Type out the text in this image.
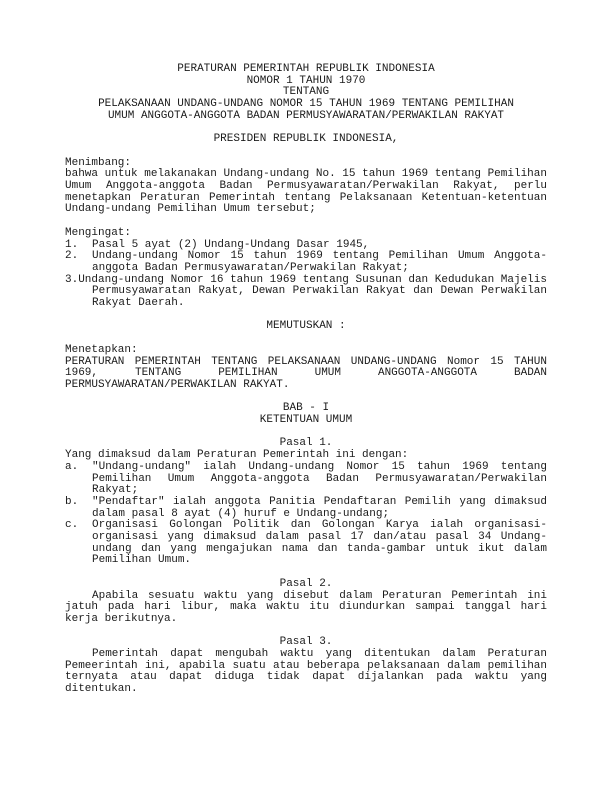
PERATURAN PEMERINTAH REPUBLIK INDONESIA
NOMOR 1 TAHUN 1970
TENTANG
PELAKSANAAN UNDANG-UNDANG NOMOR 15 TAHUN 1969 TENTANG PEMILIHAN
UMUM ANGGOTA-ANGGOTA BADAN PERMUSYAWARATAN/PERWAKILAN RAKYAT
PRESIDEN REPUBLIK INDONESIA,
Menimbang:

bahwa untuk melakanakan Undang-undang No. 15 tahun 1969 tentang Pemilihan Umum Anggota-anggota Badan Permusyawaratan/Perwakilan Rakyat, perlu menetapkan Peraturan Pemerintah tentang Pelaksanaan Ketentuan-ketentuan Undang-undang Pemilihan Umum tersebut;

Mengingat:
1.	Pasal 5 ayat (2) Undang-Undang Dasar 1945,
2.	Undang-undang Nomor 15 tahun 1969 tentang Pemilihan Umum Anggota-anggota Badan Permusyawaratan/Perwakilan Rakyat;

3.Undang-undang Nomor 16 tahun 1969 tentang Susunan dan Kedudukan Majelis Permusyawaratan Rakyat, Dewan Perwakilan Rakyat dan Dewan Perwakilan Rakyat Daerah.

MEMUTUSKAN :
Menetapkan:

PERATURAN PEMERINTAH TENTANG PELAKSANAAN UNDANG-UNDANG Nomor 15 TAHUN 1969, TENTANG PEMILIHAN UMUM ANGGOTA-ANGGOTA BADAN PERMUSYAWARATAN/PERWAKILAN RAKYAT.

BAB - I
KETENTUAN UMUM
Pasal 1.

Yang dimaksud dalam Peraturan Pemerintah ini dengan:

a.	"Undang-undang" ialah Undang-undang Nomor 15 tahun 1969 tentang Pemilihan Umum Anggota-anggota Badan Permusyawaratan/Perwakilan Rakyat;
b.	"Pendaftar" ialah anggota Panitia Pendaftaran Pemilih yang dimaksud dalam pasal 8 ayat (4) huruf e Undang-undang;
c.	Organisasi Golongan Politik dan Golongan Karya ialah organisasi-organisasi yang dimaksud dalam pasal 17 dan/atau pasal 34 Undang-undang dan yang mengajukan nama dan tanda-gambar untuk ikut dalam Pemilihan Umum.
Pasal 2.

Apabila sesuatu waktu yang disebut dalam Peraturan Pemerintah ini jatuh pada hari libur, maka waktu itu diundurkan sampai tanggal hari kerja berikutnya.

Pasal 3.

Pemerintah dapat mengubah waktu yang ditentukan dalam Peraturan Pemeerintah ini, apabila suatu atau beberapa pelaksanaan dalam pemilihan ternyata atau dapat diduga tidak dapat dijalankan pada waktu yang ditentukan.
